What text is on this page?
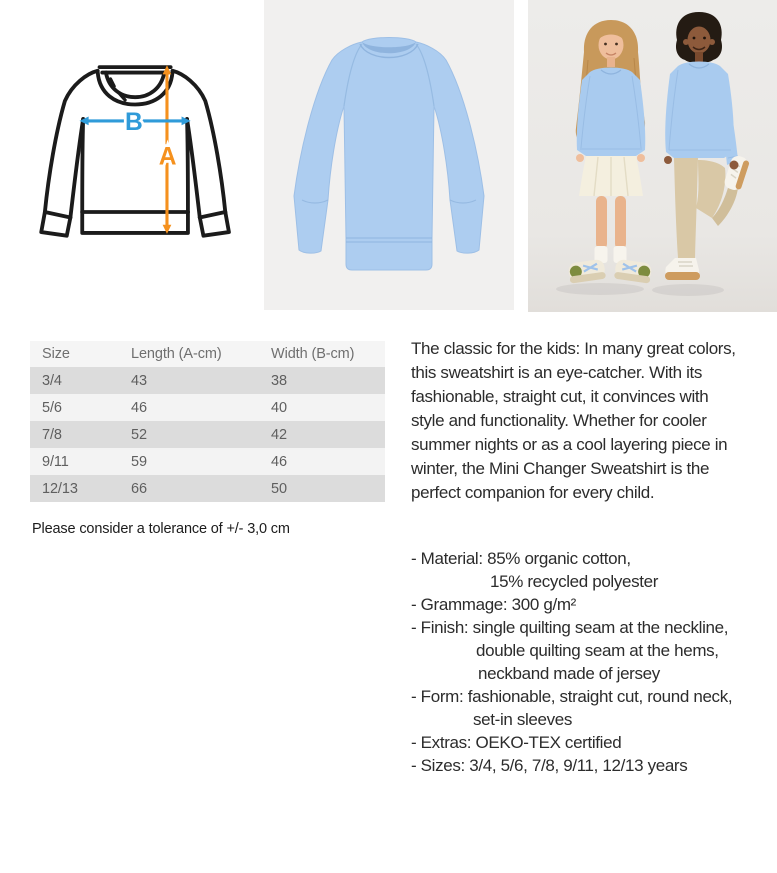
B
A
Size	Length (A-cm)	Width (B-cm)
3/4	43	38
5/6	46	40
7/8	52	42
9/11	59	46
12/13	66	50
Please consider a tolerance of +/- 3,0 cm
The classic for the kids: In many great colors,
this sweatshirt is an eye-catcher. With its
fashionable, straight cut, it convinces with
style and functionality. Whether for cooler
summer nights or as a cool layering piece in
winter, the Mini Changer Sweatshirt is the
perfect companion for every child.
- Material: 85% organic cotton,
15% recycled polyester
- Grammage: 300 g/m²
- Finish: single quilting seam at the neckline,
double quilting seam at the hems,
neckband made of jersey
- Form: fashionable, straight cut, round neck,
set-in sleeves
- Extras: OEKO-TEX certified
- Sizes: 3/4, 5/6, 7/8, 9/11, 12/13 years
